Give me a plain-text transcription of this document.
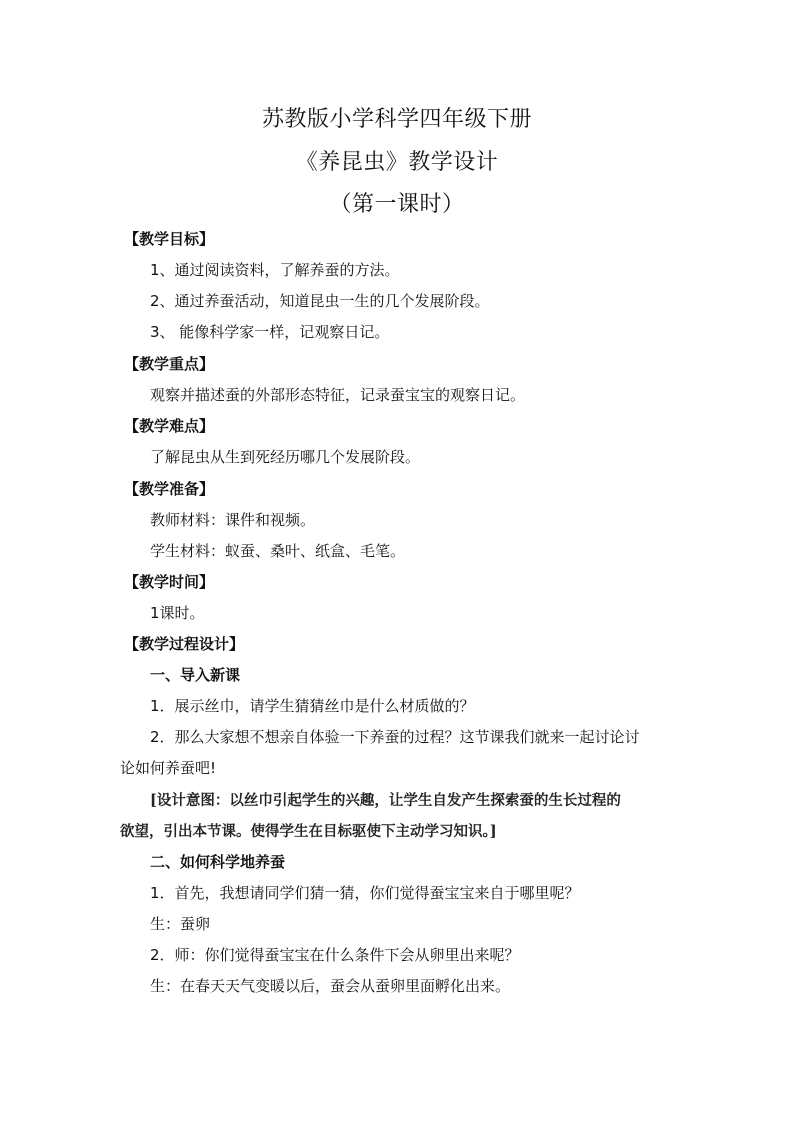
苏教版小学科学四年级下册
《养昆虫》教学设计
（第一课时）
【教学目标】
1、通过阅读资料，了解养蚕的方法。
2、通过养蚕活动，知道昆虫一生的几个发展阶段。
3、 能像科学家一样，记观察日记。
【教学重点】
观察并描述蚕的外部形态特征，记录蚕宝宝的观察日记。
【教学难点】
了解昆虫从生到死经历哪几个发展阶段。
【教学准备】
教师材料：课件和视频。
学生材料：蚁蚕、桑叶、纸盒、毛笔。
【教学时间】
1课时。
【教学过程设计】
一、导入新课
1．展示丝巾，请学生猜猜丝巾是什么材质做的？
2．那么大家想不想亲自体验一下养蚕的过程？这节课我们就来一起讨论讨
论如何养蚕吧!
[设计意图：以丝巾引起学生的兴趣，让学生自发产生探索蚕的生长过程的
欲望，引出本节课。使得学生在目标驱使下主动学习知识。]
二、如何科学地养蚕
1．首先，我想请同学们猜一猜，你们觉得蚕宝宝来自于哪里呢？
生：蚕卵
2．师：你们觉得蚕宝宝在什么条件下会从卵里出来呢？
生：在春天天气变暖以后，蚕会从蚕卵里面孵化出来。
